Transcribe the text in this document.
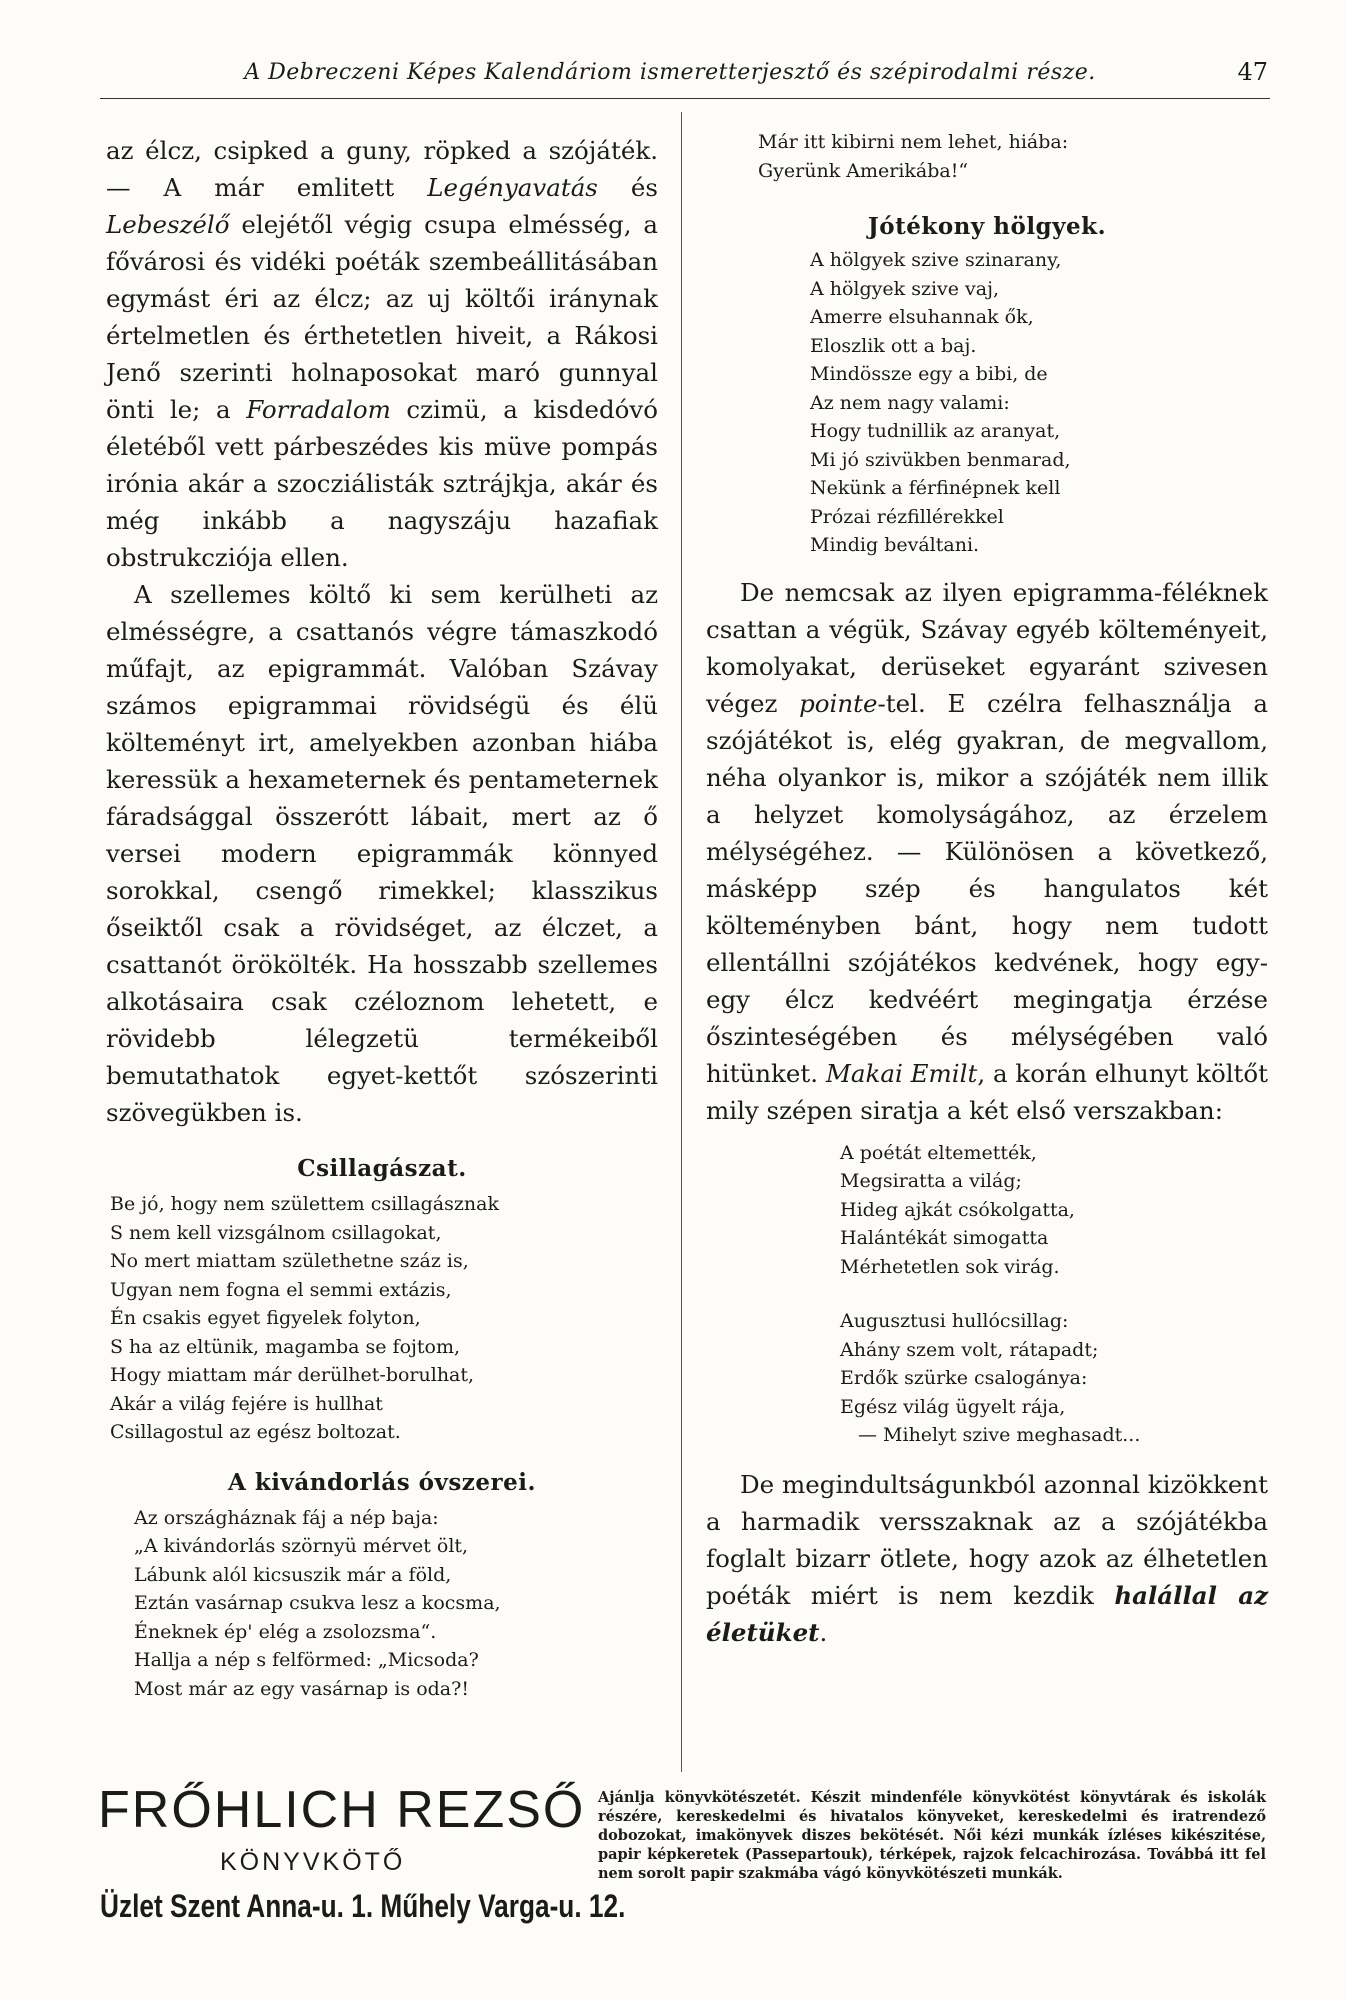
A Debreczeni Képes Kalendáriom ismeretterjesztő és szépirodalmi része.	47

az élcz, csipked a guny, röpked a szójáték. — A már emlitett Legényavatás és Lebeszélő elejétől végig csupa elmésség, a fővárosi és vidéki poéták szembeállitásában egymást éri az élcz; az uj költői iránynak értelmetlen és érthetetlen hiveit, a Rákosi Jenő szerinti holnaposokat maró gunnyal önti le; a Forradalom czimü, a kisdedóvó életéből vett párbeszédes kis müve pompás irónia akár a szocziálisták sztrájkja, akár és még inkább a nagyszáju hazafiak obstrukcziója ellen.

A szellemes költő ki sem kerülheti az elmésségre, a csattanós végre támaszkodó műfajt, az epigrammát. Valóban Szávay számos epigrammai rövidségü és élü költeményt irt, amelyekben azonban hiába keressük a hexameternek és pentameternek fáradsággal összerótt lábait, mert az ő versei modern epigrammák könnyed sorokkal, csengő rimekkel; klasszikus őseiktől csak a rövidséget, az élczet, a csattanót örökölték. Ha hosszabb szellemes alkotásaira csak czéloznom lehetett, e rövidebb lélegzetü termékeiből bemutathatok egyet-kettőt szószerinti szövegükben is.

Csillagászat.
Be jó, hogy nem születtem csillagásznak
S nem kell vizsgálnom csillagokat,
No mert miattam születhetne száz is,
Ugyan nem fogna el semmi extázis,
Én csakis egyet figyelek folyton,
S ha az eltünik, magamba se fojtom,
Hogy miattam már derülhet-borulhat,
Akár a világ fejére is hullhat
Csillagostul az egész boltozat.
A kivándorlás óvszerei.
Az országháznak fáj a nép baja:
„A kivándorlás szörnyü mérvet ölt,
Lábunk alól kicsuszik már a föld,
Eztán vasárnap csukva lesz a kocsma,
Éneknek ép' elég a zsolozsma“.
Hallja a nép s felförmed: „Micsoda?
Most már az egy vasárnap is oda?!
Már itt kibirni nem lehet, hiába:
Gyerünk Amerikába!“
Jótékony hölgyek.
A hölgyek szive szinarany,
A hölgyek szive vaj,
Amerre elsuhannak ők,
Eloszlik ott a baj.
Mindössze egy a bibi, de
Az nem nagy valami:
Hogy tudnillik az aranyat,
Mi jó szivükben benmarad,
Nekünk a férfinépnek kell
Prózai rézfillérekkel
Mindig beváltani.

De nemcsak az ilyen epigramma-féléknek csattan a végük, Szávay egyéb költeményeit, komolyakat, derüseket egyaránt szivesen végez pointe-tel. E czélra felhasználja a szójátékot is, elég gyakran, de megvallom, néha olyankor is, mikor a szójáték nem illik a helyzet komolyságához, az érzelem mélységéhez. — Különösen a következő, másképp szép és hangulatos két költeményben bánt, hogy nem tudott ellentállni szójátékos kedvének, hogy egy-egy élcz kedvéért megingatja érzése őszinteségében és mélységében való hitünket. Makai Emilt, a korán elhunyt költőt mily szépen siratja a két első verszakban:

A poétát eltemették,
Megsiratta a világ;
Hideg ajkát csókolgatta,
Halántékát simogatta
Mérhetetlen sok virág.
Augusztusi hullócsillag:
Ahány szem volt, rátapadt;
Erdők szürke csalogánya:
Egész világ ügyelt rája,
— Mihelyt szive meghasadt...

De megindultságunkból azonnal kizökkent a harmadik versszaknak az a szójátékba foglalt bizarr ötlete, hogy azok az élhetetlen poéták miért is nem kezdik halállal az életüket.

FRŐHLICH REZSŐ
KÖNYVKÖTŐ
Üzlet Szent Anna-u. 1. Műhely Varga-u. 12.
Ajánlja könyvkötészetét. Készit mindenféle könyvkötést könyvtárak és iskolák részére, kereskedelmi és hivatalos könyveket, kereskedelmi és iratrendező dobozokat, imakönyvek diszes bekötését. Női kézi munkák ízléses kikészitése, papir képkeretek (Passepartouk), térképek, rajzok felcachirozása. Továbbá itt fel nem sorolt papir szakmába vágó könyvkötészeti munkák.
